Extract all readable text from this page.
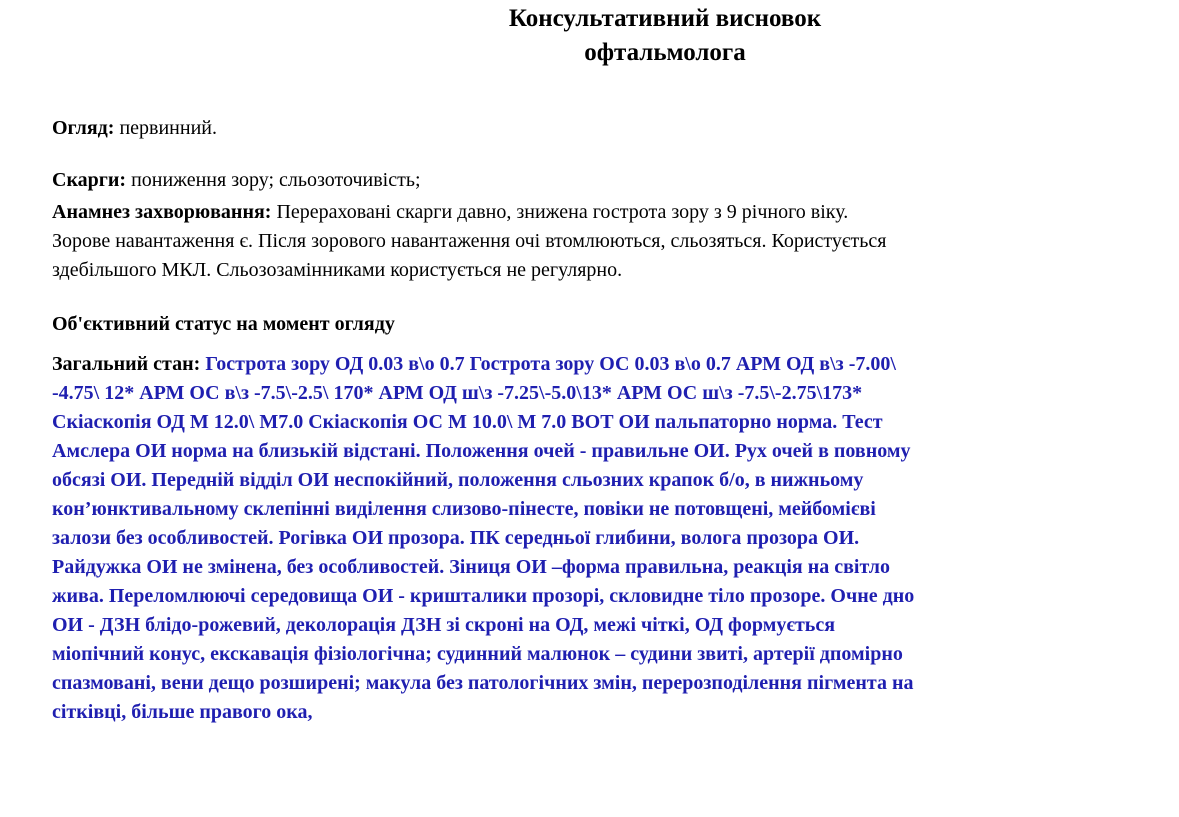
Консультативний висновок
офтальмолога
Огляд: первинний.
Скарги: пониження зору; сльозоточивість;
Анамнез захворювання: Перераховані скарги давно, знижена гострота зору з 9 річного віку.
Зорове навантаження є. Після зорового навантаження очі втомлюються, сльозяться. Користується
здебільшого МКЛ. Сльозозамінниками користується не регулярно.
Об'єктивний статус на момент огляду
Загальний стан: Гострота зору ОД 0.03 в\о 0.7 Гострота зору ОС 0.03 в\о 0.7 АРМ ОД в\з -7.00\
-4.75\ 12* АРМ ОС в\з -7.5\-2.5\ 170* АРМ ОД ш\з -7.25\-5.0\13* АРМ ОС ш\з -7.5\-2.75\173*
Скіаскопія ОД М 12.0\ М7.0 Скіаскопія ОС М 10.0\ М 7.0 ВОТ ОИ пальпаторно норма. Тест
Амслера ОИ норма на близькій відстані. Положення очей - правильне ОИ. Рух очей в повному
обсязі ОИ. Передній відділ ОИ неспокійний, положення сльозних крапок б/о, в нижньому
кон’юнктивальному склепінні виділення слизово-пінесте, повіки не потовщені, мейбомієві
залози без особливостей. Рогівка ОИ прозора. ПК середньої глибини, волога прозора ОИ.
Райдужка ОИ не змінена, без особливостей. Зіниця ОИ –форма правильна, реакція на світло
жива. Переломлюючі середовища ОИ - кришталики прозорі, скловидне тіло прозоре. Очне дно
ОИ - ДЗН блідо-рожевий, деколорація ДЗН зі скроні на ОД, межі чіткі, ОД формується
міопічний конус, екскавація фізіологічна; судинний малюнок – судини звиті, артерії дпомірно
спазмовані, вени дещо розширені; макула без патологічних змін, перерозподілення пігмента на
сітківці, більше правого ока,
